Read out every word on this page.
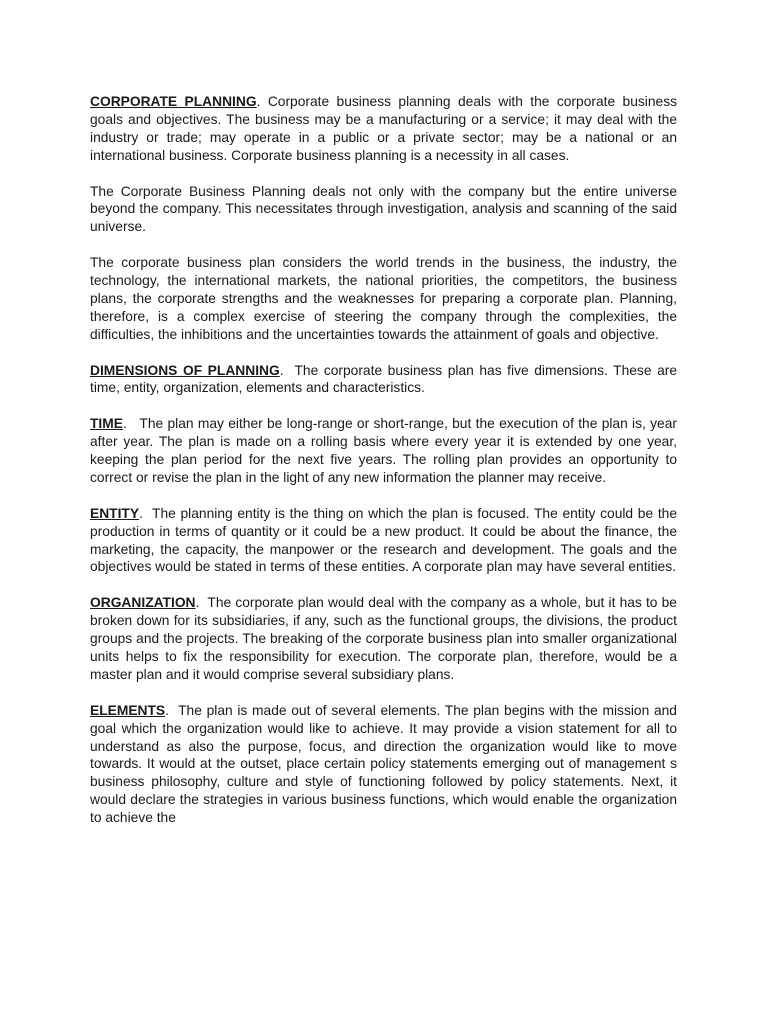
CORPORATE PLANNING. Corporate business planning deals with the corporate business goals and objectives. The business may be a manufacturing or a service; it may deal with the industry or trade; may operate in a public or a private sector; may be a national or an international business. Corporate business planning is a necessity in all cases.

The Corporate Business Planning deals not only with the company but the entire universe beyond the company. This necessitates through investigation, analysis and scanning of the said universe.

The corporate business plan considers the world trends in the business, the industry, the technology, the international markets, the national priorities, the competitors, the business plans, the corporate strengths and the weaknesses for preparing a corporate plan. Planning, therefore, is a complex exercise of steering the company through the complexities, the difficulties, the inhibitions and the uncertainties towards the attainment of goals and objective.

DIMENSIONS OF PLANNING.  The corporate business plan has five dimensions. These are time, entity, organization, elements and characteristics.

TIME.   The plan may either be long-range or short-range, but the execution of the plan is, year after year. The plan is made on a rolling basis where every year it is extended by one year, keeping the plan period for the next five years. The rolling plan provides an opportunity to correct or revise the plan in the light of any new information the planner may receive.

ENTITY.  The planning entity is the thing on which the plan is focused. The entity could be the production in terms of quantity or it could be a new product. It could be about the finance, the marketing, the capacity, the manpower or the research and development. The goals and the objectives would be stated in terms of these entities. A corporate plan may have several entities.

ORGANIZATION.  The corporate plan would deal with the company as a whole, but it has to be broken down for its subsidiaries, if any, such as the functional groups, the divisions, the product groups and the projects. The breaking of the corporate business plan into smaller organizational units helps to fix the responsibility for execution. The corporate plan, therefore, would be a master plan and it would comprise several subsidiary plans.

ELEMENTS.  The plan is made out of several elements. The plan begins with the mission and goal which the organization would like to achieve. It may provide a vision statement for all to understand as also the purpose, focus, and direction the organization would like to move towards. It would at the outset, place certain policy statements emerging out of management s business philosophy, culture and style of functioning followed by policy statements. Next, it would declare the strategies in various business functions, which would enable the organization to achieve the
